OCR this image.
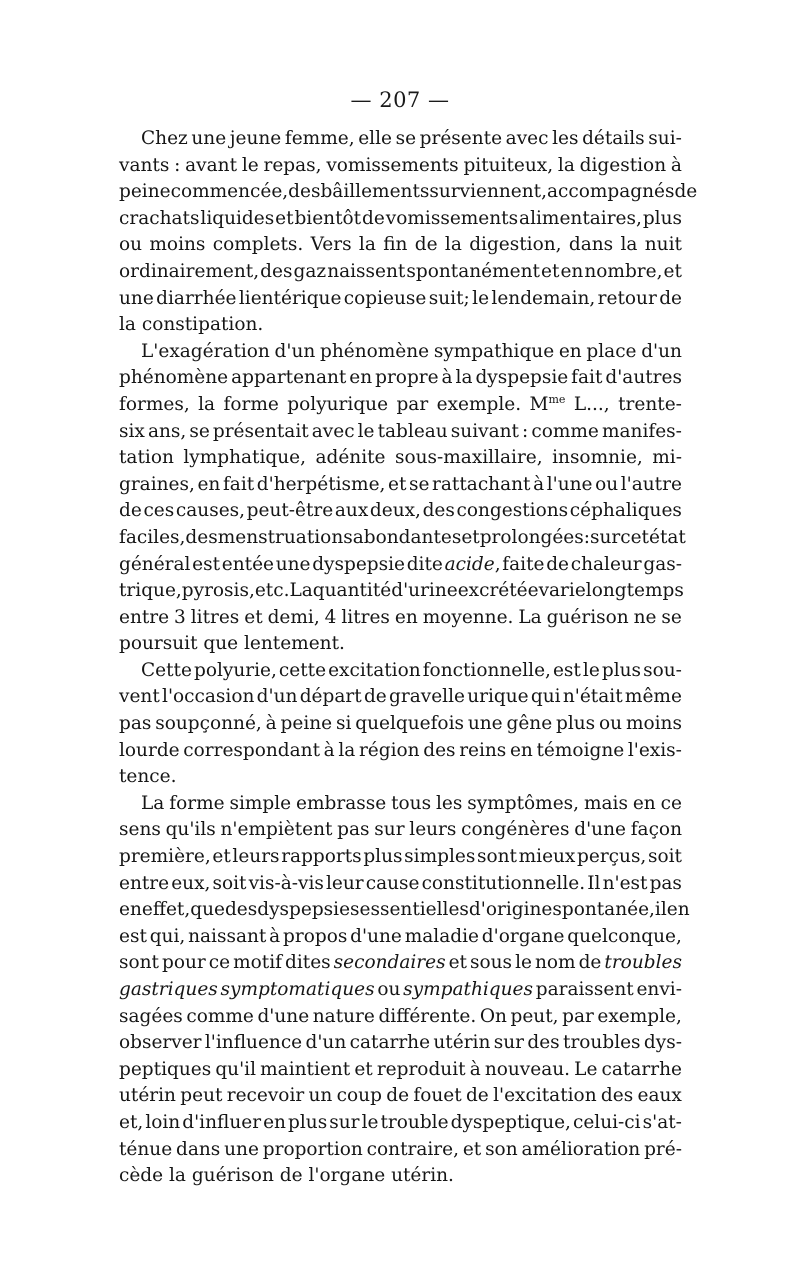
— 207 —
Chez une jeune femme, elle se présente avec les détails sui-
vants : avant le repas, vomissements pituiteux, la digestion à
peine commencée, des bâillements surviennent, accompagnés de
crachats liquides et bientôt de vomissements alimentaires, plus
ou moins complets. Vers la fin de la digestion, dans la nuit
ordinairement, des gaz naissent spontanément et en nombre, et
une diarrhée lientérique copieuse suit; le lendemain, retour de
la
constipation.
L'exagération d'un phénomène sympathique en place d'un
phénomène appartenant en propre à la dyspepsie fait d'autres
formes, la forme polyurique par exemple. $M^{me}$ L..., trente-
six ans, se présentait avec le tableau suivant : comme manifes-
tation lymphatique, adénite sous-maxillaire, insomnie, mi-
graines, en fait d'herpétisme, et se rattachant à l'une ou l'autre
de ces causes, peut-être aux deux, des congestions céphaliques
faciles, des menstruations abondantes et prolongées: sur cet état
général est entée une dyspepsie dite acide, faite de chaleur gas-
trique, pyrosis, etc. La quantité d'urine excrétée varie longtemps
entre 3 litres et demi, 4 litres en moyenne. La guérison ne se
poursuit
que
lentement.
Cette polyurie, cette excitation fonctionnelle, est le plus sou-
vent l'occasion d'un départ de gravelle urique qui n'était même
pas soupçonné, à peine si quelquefois une gêne plus ou moins
lourde correspondant à la région des reins en témoigne l'exis-
tence.
La forme simple embrasse tous les symptômes, mais en ce
sens qu'ils n'empiètent pas sur leurs congénères d'une façon
première, et leurs rapports plus simples sont mieux perçus, soit
entre eux, soit vis-à-vis leur cause constitutionnelle. Il n'est pas
en effet, que des dyspepsies essentielles d'origine spontanée, il en
est qui, naissant à propos d'une maladie d'organe quelconque,
sont pour ce motif dites secondaires et sous le nom de troubles
gastriques symptomatiques ou sympathiques paraissent envi-
sagées comme d'une nature différente. On peut, par exemple,
observer l'influence d'un catarrhe utérin sur des troubles dys-
peptiques qu'il maintient et reproduit à nouveau. Le catarrhe
utérin peut recevoir un coup de fouet de l'excitation des eaux
et, loin d'influer en plus sur le trouble dyspeptique, celui-ci s'at-
ténue dans une proportion contraire, et son amélioration pré-
cède
la
guérison
de
l'organe
utérin.
